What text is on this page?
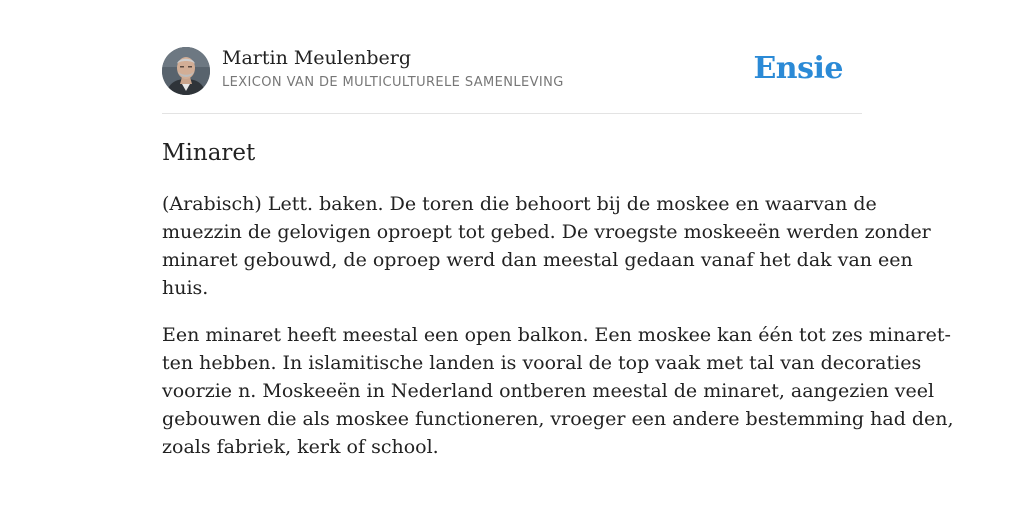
Martin Meulenberg
LEXICON VAN DE MULTICULTURELE SAMENLEVING	Ensie
Minaret

(Arabisch) Lett. baken. De toren die behoort bij de moskee en waarvan de
muezzin de gelovigen oproept tot gebed. De vroegste moskeeën werden zonder
minaret gebouwd, de oproep werd dan meestal gedaan vanaf het dak van een
huis.

Een minaret heeft meestal een open balkon. Een moskee kan één tot zes minaret-
ten hebben. In islamitische landen is vooral de top vaak met tal van decoraties
voorzie n. Moskeeën in Nederland ontberen meestal de minaret, aangezien veel
gebouwen die als moskee functioneren, vroeger een andere bestemming had den,
zoals fabriek, kerk of school.
